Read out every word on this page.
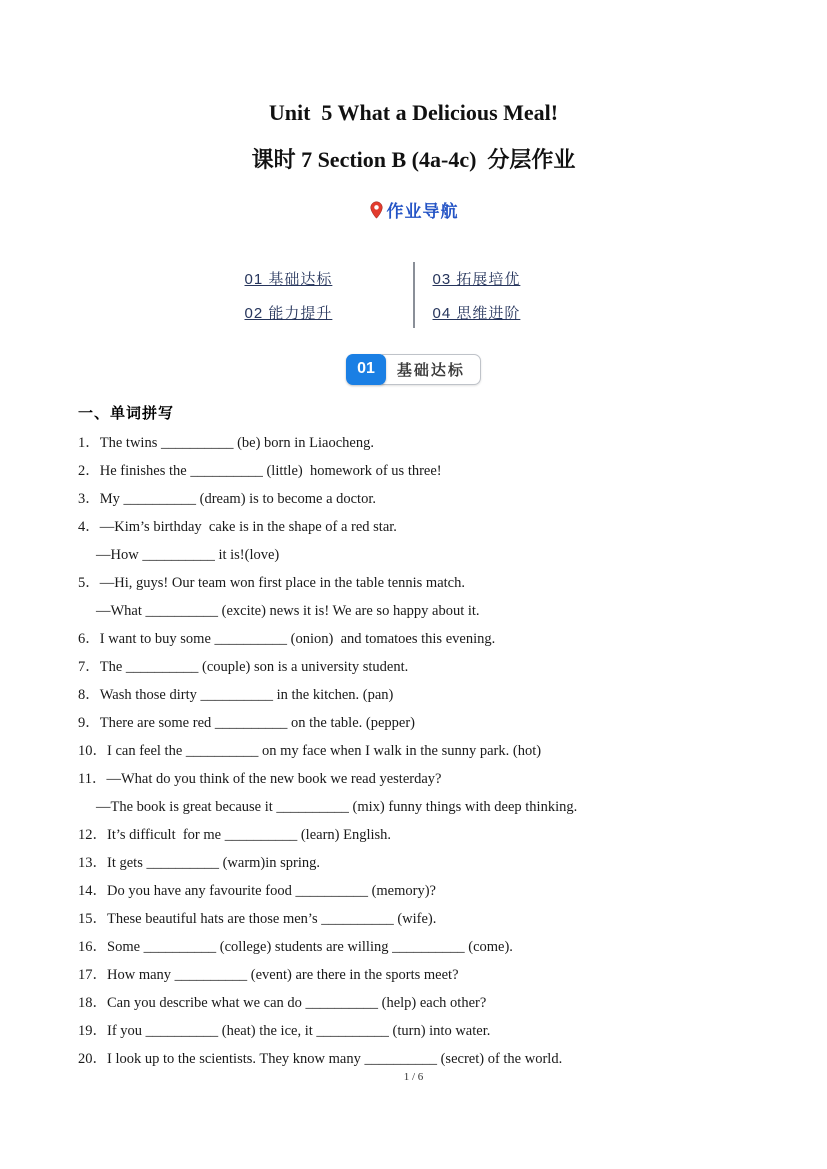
Unit  5 What a Delicious Meal!
课时 7 Section B (4a-4c)  分层作业
作业导航
01 基础达标
02 能力提升
03 拓展培优
04 思维进阶
01	基础达标
一、单词拼写
1． The twins __________ (be) born in Liaocheng.
2． He finishes the __________ (little)  homework of us three!
3． My __________ (dream) is to become a doctor.
4． —Kim’s birthday  cake is in the shape of a red star.
—How __________ it is!(love)
5． —Hi, guys! Our team won first place in the table tennis match.
—What __________ (excite) news it is! We are so happy about it.
6． I want to buy some __________ (onion)  and tomatoes this evening.
7． The __________ (couple) son is a university student.
8． Wash those dirty __________ in the kitchen. (pan)
9． There are some red __________ on the table. (pepper)
10． I can feel the __________ on my face when I walk in the sunny park. (hot)
11． —What do you think of the new book we read yesterday?
—The book is great because it __________ (mix) funny things with deep thinking.
12． It’s difficult  for me __________ (learn) English.
13． It gets __________ (warm)in spring.
14． Do you have any favourite food __________ (memory)?
15． These beautiful hats are those men’s __________ (wife).
16． Some __________ (college) students are willing __________ (come).
17． How many __________ (event) are there in the sports meet?
18． Can you describe what we can do __________ (help) each other?
19． If you __________ (heat) the ice, it __________ (turn) into water.
20． I look up to the scientists. They know many __________ (secret) of the world.
1 / 6
